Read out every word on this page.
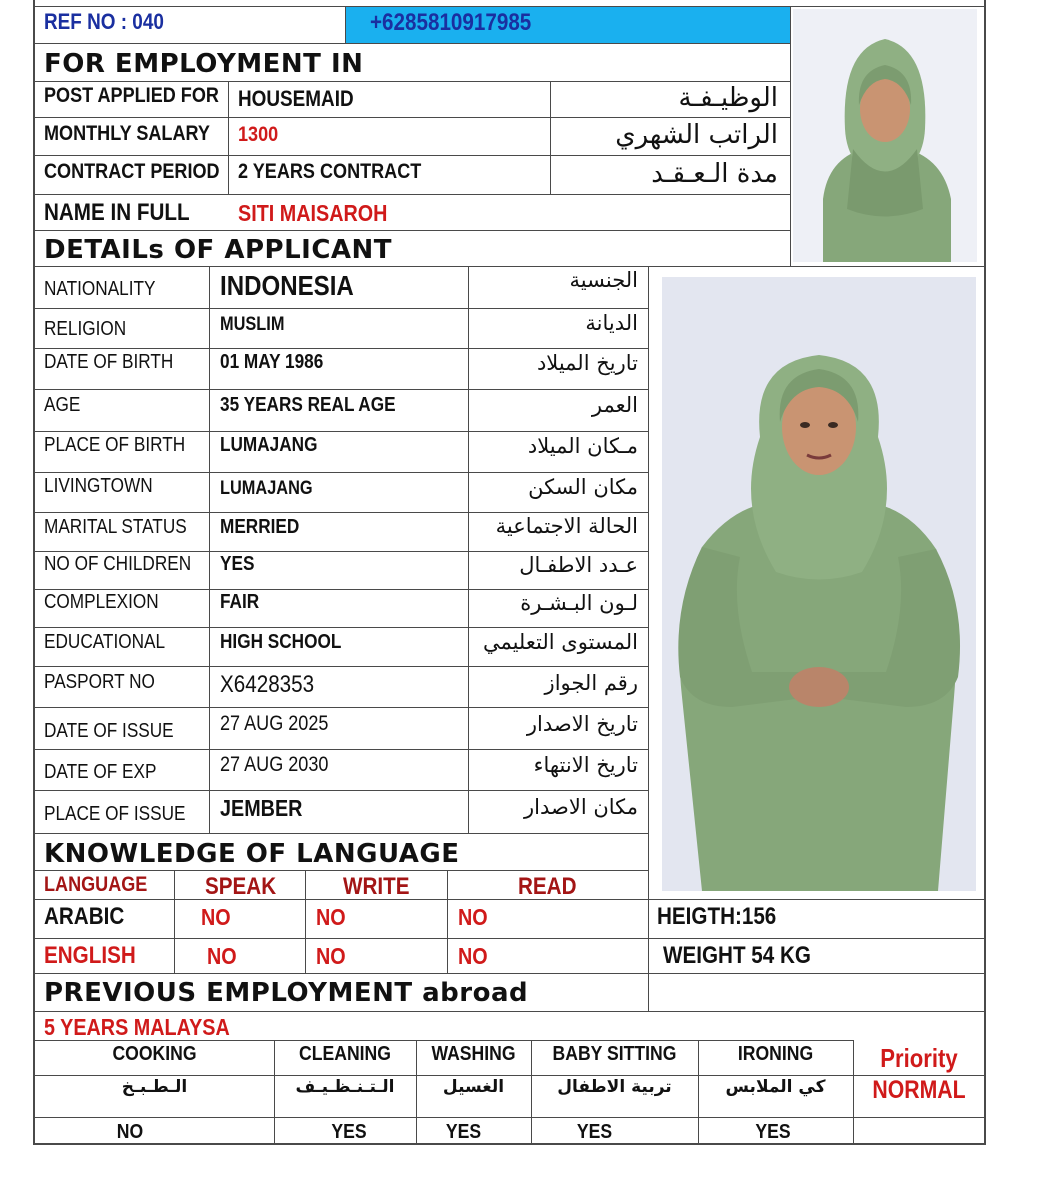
REF NO : 040	+6285810917985
FOR EMPLOYMENT IN
POST APPLIED FOR HOUSEMAID	الوظيـفـة
MONTHLY SALARY 1300	الراتب الشهري
CONTRACT PERIOD 2 YEARS CONTRACT	مدة الـعـقـد
NAME IN FULL SITI MAISAROH
DETAILs OF APPLICANT
NATIONALITY INDONESIA	الجنسية
RELIGION	MUSLIM	الديانة
DATE OF BIRTH 01 MAY 1986	تاريخ الميلاد
AGE	35 YEARS REAL AGE	العمر
PLACE OF BIRTH LUMAJANG	مـكان الميلاد
LIVINGTOWN	LUMAJANG	مكان السكن
MARITAL STATUS MERRIED	الحالة الاجتماعية
NO OF CHILDREN YES	عـدد الاطفـال
COMPLEXION	FAIR	لـون البـشـرة
EDUCATIONAL	HIGH SCHOOL	المستوى التعليمي
PASPORT NO	X6428353	رقم الجواز
DATE OF ISSUE 27 AUG 2025	تاريخ الاصدار
DATE OF EXP	27 AUG 2030	تاريخ الانتهاء
PLACE OF ISSUE JEMBER	مكان الاصدار
KNOWLEDGE OF LANGUAGE
LANGUAGE SPEAK	WRITE	READ
ARABIC	NO	NO	NO
ENGLISH	NO	NO	NO
HEIGTH:156
WEIGHT 54 KG
PREVIOUS EMPLOYMENT abroad
5 YEARS MALAYSA
COOKING	CLEANING	WASHING	BABY SITTING	IRONING
الـطـبـخ	الـتـنـظـيـف	الغسيل	تربية الاطفال	كي الملابس
NO	YES	YES	YES	YES
Priority
NORMAL
